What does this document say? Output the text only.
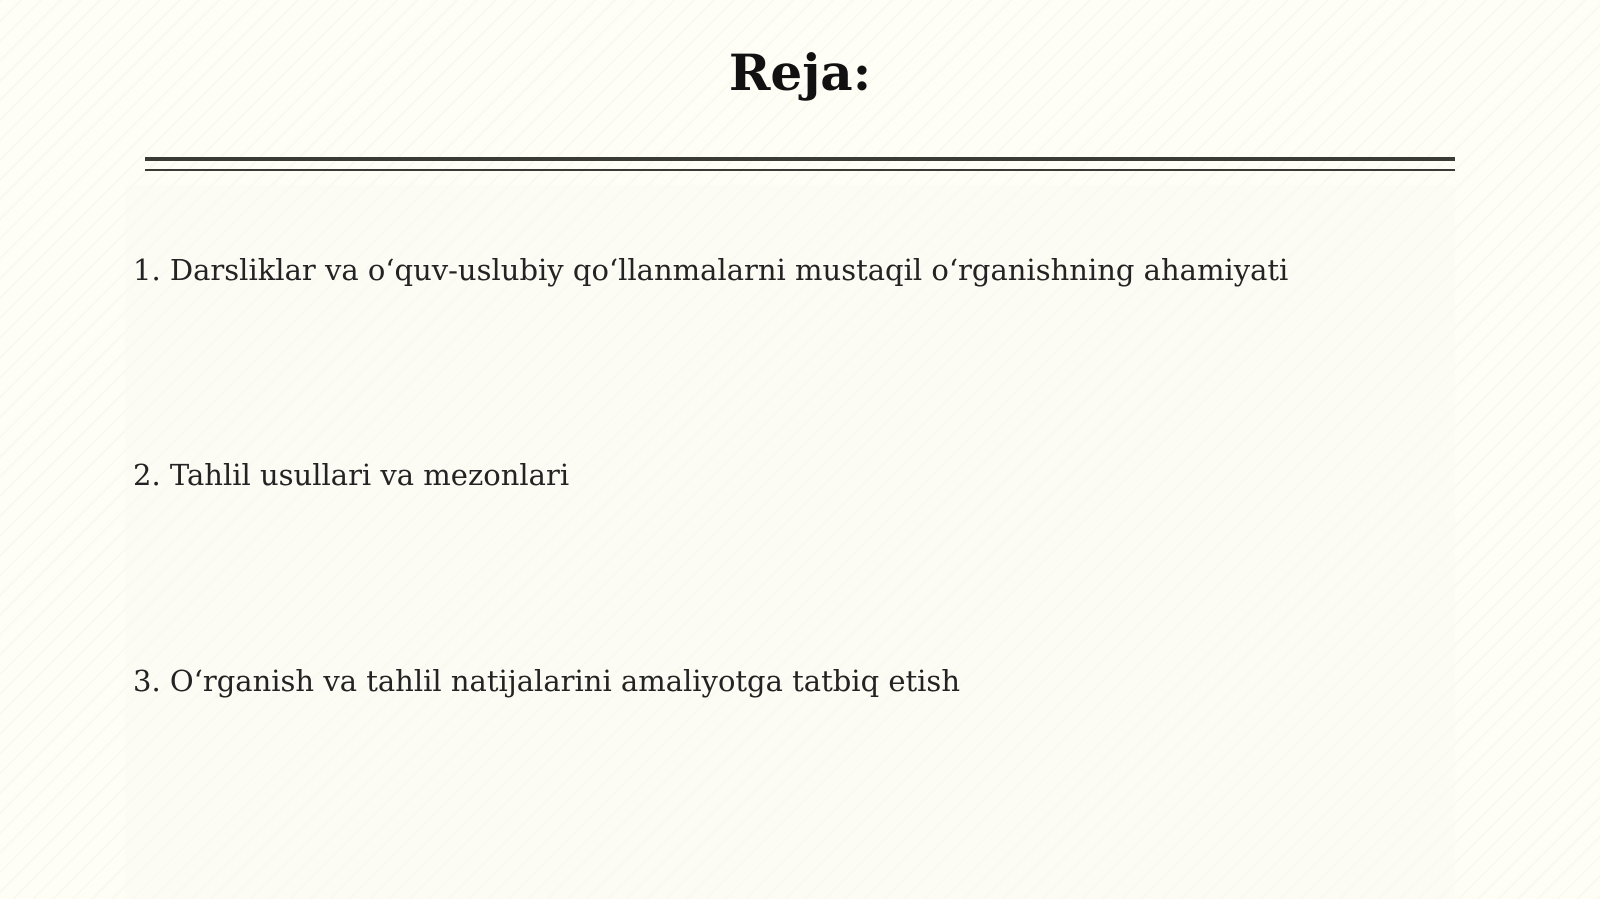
Reja:
1. Darsliklar va o‘quv-uslubiy qo‘llanmalarni mustaqil o‘rganishning ahamiyati
2. Tahlil usullari va mezonlari
3. O‘rganish va tahlil natijalarini amaliyotga tatbiq etish
